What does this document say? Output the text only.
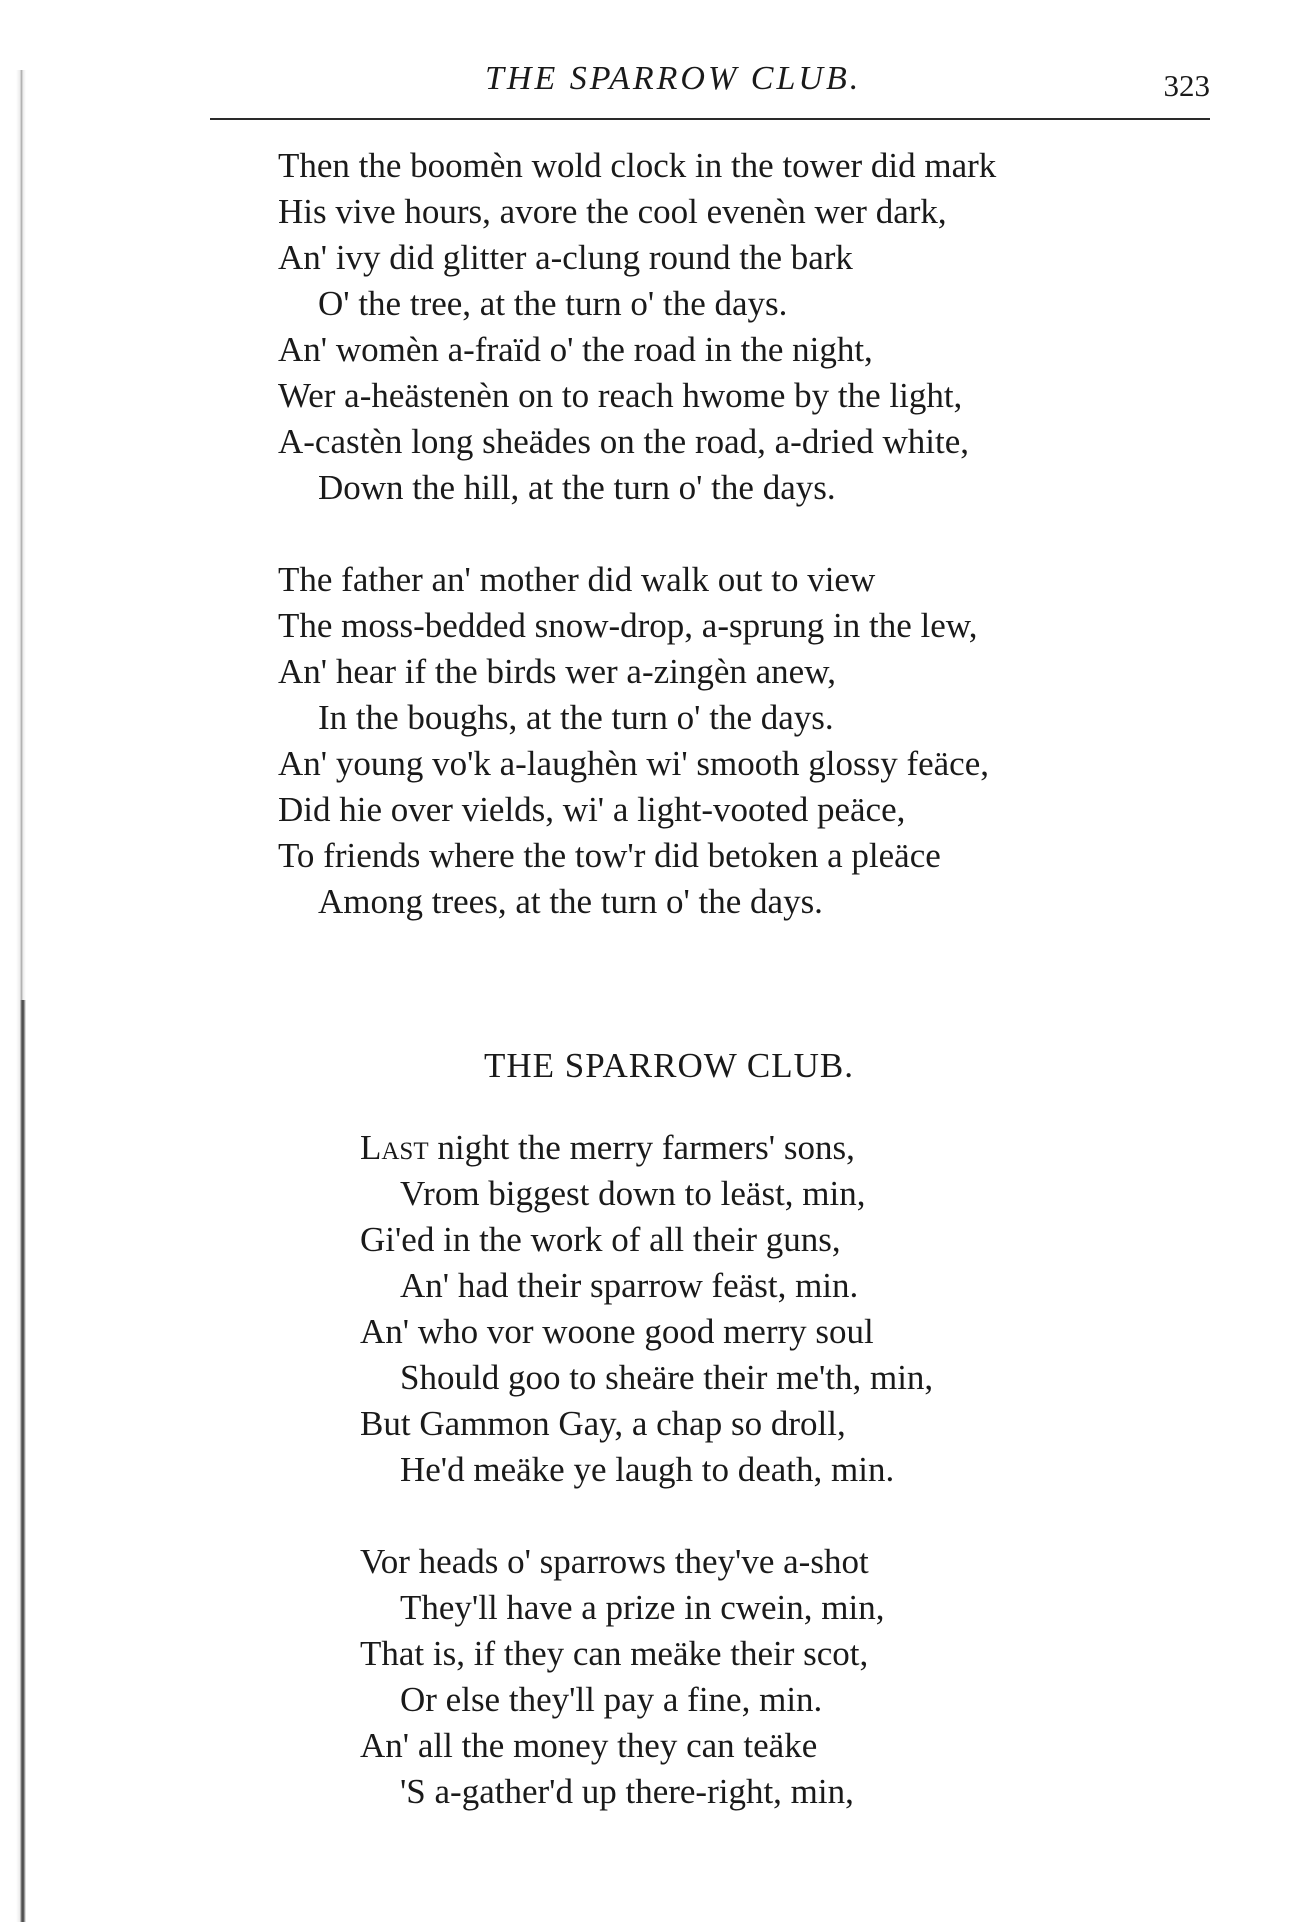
THE SPARROW CLUB.	323
Then the boomèn wold clock in the tower did mark
His vive hours, avore the cool evenèn wer dark,
An' ivy did glitter a-clung round the bark
O' the tree, at the turn o' the days.
An' womèn a-fraïd o' the road in the night,
Wer a-heästenèn on to reach hwome by the light,
A-castèn long sheädes on the road, a-dried white,
Down the hill, at the turn o' the days.
The father an' mother did walk out to view
The moss-bedded snow-drop, a-sprung in the lew,
An' hear if the birds wer a-zingèn anew,
In the boughs, at the turn o' the days.
An' young vo'k a-laughèn wi' smooth glossy feäce,
Did hie over vields, wi' a light-vooted peäce,
To friends where the tow'r did betoken a pleäce
Among trees, at the turn o' the days.
THE SPARROW CLUB.
Last night the merry farmers' sons,
Vrom biggest down to leäst, min,
Gi'ed in the work of all their guns,
An' had their sparrow feäst, min.
An' who vor woone good merry soul
Should goo to sheäre their me'th, min,
But Gammon Gay, a chap so droll,
He'd meäke ye laugh to death, min.
Vor heads o' sparrows they've a-shot
They'll have a prize in cwein, min,
That is, if they can meäke their scot,
Or else they'll pay a fine, min.
An' all the money they can teäke
'S a-gather'd up there-right, min,
